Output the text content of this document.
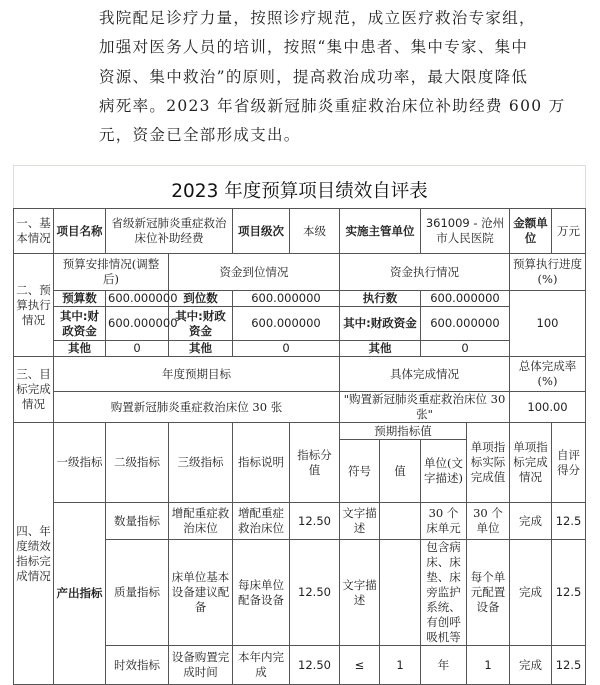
我院配足诊疗力量，按照诊疗规范，成立医疗救治专家组，

加强对医务人员的培训，按照“集中患者、集中专家、集中

资源、集中救治”的原则，提高救治成功率，最大限度降低

病死率。2023 年省级新冠肺炎重症救治床位补助经费 600 万

元，资金已全部形成支出。

2023 年度预算项目绩效自评表
一、基本情况	项目名称	省级新冠肺炎重症救治床位补助经费		项目级次	本级	实施主管单位		361009 - 沧州市人民医院		金额单位	万元
二、预算执行情况	预算安排情况(调整后)		资金到位情况			资金执行情况				预算执行进度(%)	
	预算数	600.000000	到位数	600.000000		执行数		600.000000		100	
	其中:财政资金	600.000000	其中:财政资金	600.000000		其中:财政资金		600.000000			
	其他	0	其他	0		其他		0			
三、目标完成情况	年度预期目标					具体完成情况				总体完成率(%)	
	购置新冠肺炎重症救治床位 30 张					"购置新冠肺炎重症救治床位 30 张"				100.00	
四、年度绩效指标完成情况	一级指标	二级指标	三级指标	指标说明	指标分值	预期指标值			单项指标实际完成值	单项指标完成情况	自评得分
						符号	值	单位(文字描述)			
	产出指标	数量指标	增配重症救治床位	增配重症救治床位	12.50	文字描述		30 个床单元	30 个单位	完成	12.5
		质量指标	床单位基本设备建议配备	每床单位配备设备	12.50	文字描述		包含病床、床垫、床旁监护系统、有创呼吸机等	每个单元配置设备	完成	12.5
		时效指标	设备购置完成时间	本年内完成	12.50	≤	1	年	1	完成	12.5
